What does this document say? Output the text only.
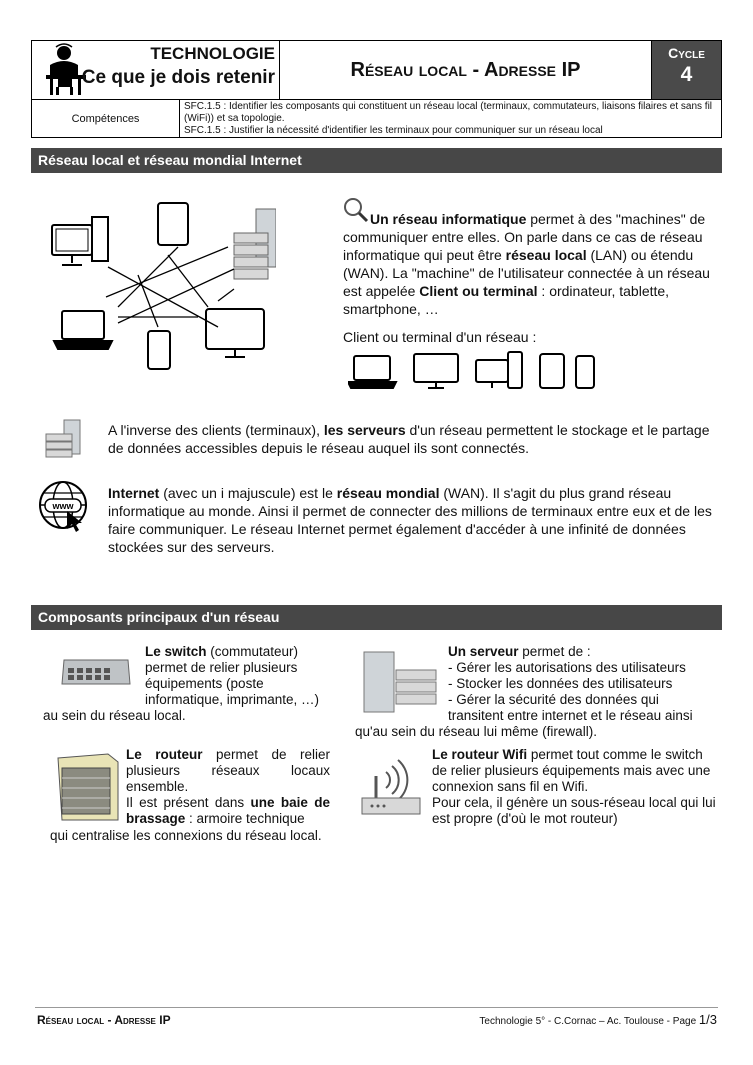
TECHNOLOGIE
Ce que je dois retenir	Réseau local - Adresse IP
Cycle
4
Compétences
SFC.1.5 : Identifier les composants qui constituent un réseau local (terminaux, commutateurs, liaisons filaires et sans fil (WiFi)) et sa topologie.
SFC.1.5 : Justifier la nécessité d'identifier les terminaux pour communiquer sur un réseau local
Réseau local et réseau mondial Internet
Un réseau informatique permet à des "machines" de communiquer entre elles. On parle dans ce cas de réseau informatique qui peut être réseau local (LAN) ou étendu (WAN). La "machine" de l'utilisateur connectée à un réseau est appelée Client ou terminal : ordinateur, tablette, smartphone, …
Client ou terminal d'un réseau :
A l'inverse des clients (terminaux), les serveurs d'un réseau permettent le stockage et le partage de données accessibles depuis le réseau auquel ils sont connectés.
www
Internet (avec un i majuscule) est le réseau mondial (WAN). Il s'agit du plus grand réseau informatique au monde. Ainsi il permet de connecter des millions de terminaux entre eux et de les faire communiquer. Le réseau Internet permet également d'accéder à une infinité de données stockées sur des serveurs.
Composants principaux d'un réseau
Le switch (commutateur) permet de relier plusieurs équipements (poste informatique, imprimante, …)
au sein du réseau local.
Un serveur permet de :
- Gérer les autorisations des utilisateurs
- Stocker les données des utilisateurs
- Gérer la sécurité des données qui transitent entre internet et le réseau ainsi
qu'au sein du réseau lui même (firewall).
Le routeur permet de relier plusieurs réseaux locaux ensemble.
Il est présent dans une baie de brassage : armoire technique
qui centralise les connexions du réseau local.
Le routeur Wifi permet tout comme le switch de relier plusieurs équipements mais avec une connexion sans fil en Wifi.
Pour cela, il génère un sous-réseau local qui lui est propre (d'où le mot routeur)
Réseau local - Adresse IP	Technologie 5° - C.Cornac – Ac. Toulouse - Page 1/3
